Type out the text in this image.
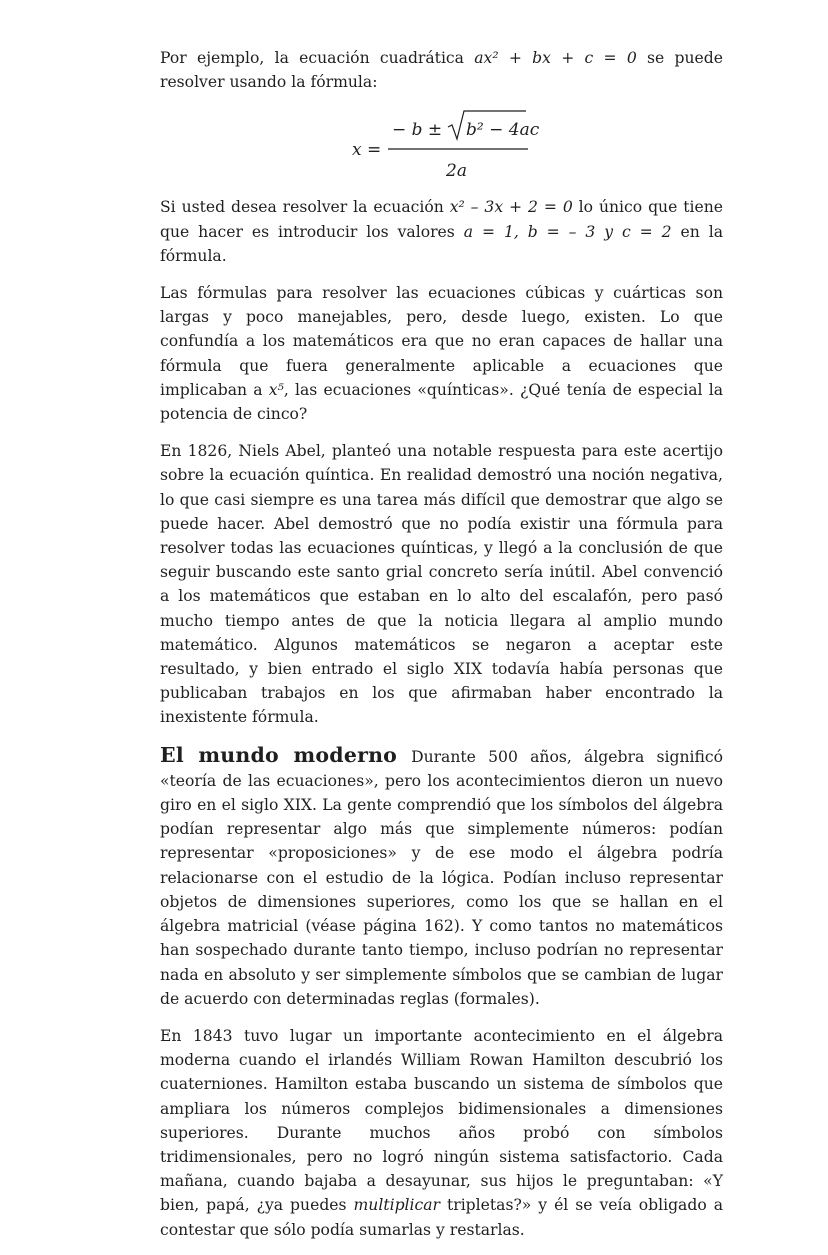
Por ejemplo, la ecuación cuadrática ax² + bx + c = 0 se puede resolver usando la fórmula:

x =
− b ± b² − 4ac
2a

Si usted desea resolver la ecuación x² – 3x + 2 = 0 lo único que tiene que hacer es introducir los valores a = 1, b = – 3 y c = 2 en la fórmula.

Las fórmulas para resolver las ecuaciones cúbicas y cuárticas son largas y poco manejables, pero, desde luego, existen. Lo que confundía a los matemáticos era que no eran capaces de hallar una fórmula que fuera generalmente aplicable a ecuaciones que implicaban a x⁵, las ecuaciones «quínticas». ¿Qué tenía de especial la potencia de cinco?

En 1826, Niels Abel, planteó una notable respuesta para este acertijo sobre la ecuación quíntica. En realidad demostró una noción negativa, lo que casi siempre es una tarea más difícil que demostrar que algo se puede hacer. Abel demostró que no podía existir una fórmula para resolver todas las ecuaciones quínticas, y llegó a la conclusión de que seguir buscando este santo grial concreto sería inútil. Abel convenció a los matemáticos que estaban en lo alto del escalafón, pero pasó mucho tiempo antes de que la noticia llegara al amplio mundo matemático. Algunos matemáticos se negaron a aceptar este resultado, y bien entrado el siglo XIX todavía había personas que publicaban trabajos en los que afirmaban haber encontrado la inexistente fórmula.

El mundo moderno Durante 500 años, álgebra significó «teoría de las ecuaciones», pero los acontecimientos dieron un nuevo giro en el siglo XIX. La gente comprendió que los símbolos del álgebra podían representar algo más que simplemente números: podían representar «proposiciones» y de ese modo el álgebra podría relacionarse con el estudio de la lógica. Podían incluso representar objetos de dimensiones superiores, como los que se hallan en el álgebra matricial (véase página 162). Y como tantos no matemáticos han sospechado durante tanto tiempo, incluso podrían no representar nada en absoluto y ser simplemente símbolos que se cambian de lugar de acuerdo con determinadas reglas (formales).

En 1843 tuvo lugar un importante acontecimiento en el álgebra moderna cuando el irlandés William Rowan Hamilton descubrió los cuaterniones. Hamilton estaba buscando un sistema de símbolos que ampliara los números complejos bidimensionales a dimensiones superiores. Durante muchos años probó con símbolos tridimensionales, pero no logró ningún sistema satisfactorio. Cada mañana, cuando bajaba a desayunar, sus hijos le preguntaban: «Y bien, papá, ¿ya puedes multiplicar tripletas?» y él se veía obligado a contestar que sólo podía sumarlas y restarlas.
